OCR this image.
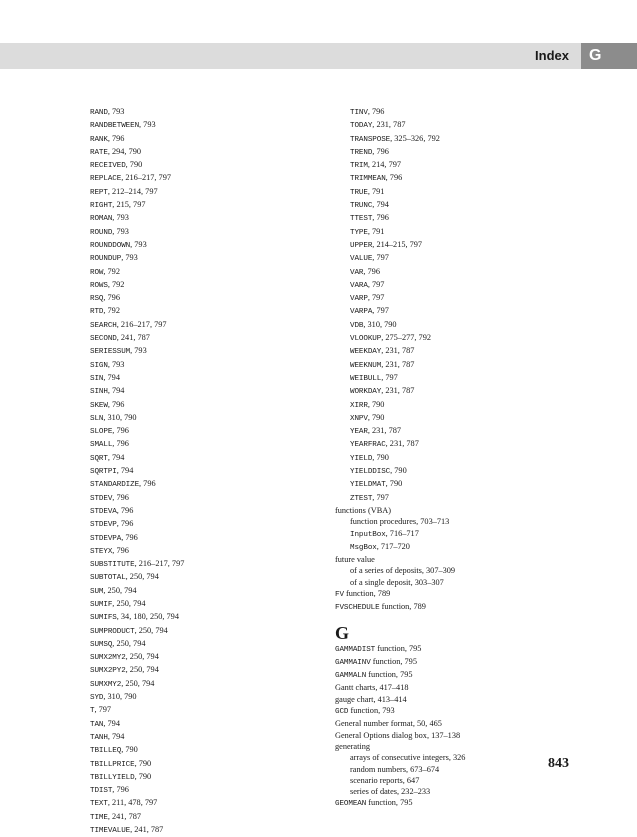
Index	G
RAND, 793
RANDBETWEEN, 793
RANK, 796
RATE, 294, 790
RECEIVED, 790
REPLACE, 216–217, 797
REPT, 212–214, 797
RIGHT, 215, 797
ROMAN, 793
ROUND, 793
ROUNDDOWN, 793
ROUNDUP, 793
ROW, 792
ROWS, 792
RSQ, 796
RTD, 792
SEARCH, 216–217, 797
SECOND, 241, 787
SERIESSUM, 793
SIGN, 793
SIN, 794
SINH, 794
SKEW, 796
SLN, 310, 790
SLOPE, 796
SMALL, 796
SQRT, 794
SQRTPI, 794
STANDARDIZE, 796
STDEV, 796
STDEVA, 796
STDEVP, 796
STDEVPA, 796
STEYX, 796
SUBSTITUTE, 216–217, 797
SUBTOTAL, 250, 794
SUM, 250, 794
SUMIF, 250, 794
SUMIFS, 34, 180, 250, 794
SUMPRODUCT, 250, 794
SUMSQ, 250, 794
SUMX2MY2, 250, 794
SUMX2PY2, 250, 794
SUMXMY2, 250, 794
SYD, 310, 790
T, 797
TAN, 794
TANH, 794
TBILLEQ, 790
TBILLPRICE, 790
TBILLYIELD, 790
TDIST, 796
TEXT, 211, 478, 797
TIME, 241, 787
TIMEVALUE, 241, 787
TINV, 796
TODAY, 231, 787
TRANSPOSE, 325–326, 792
TREND, 796
TRIM, 214, 797
TRIMMEAN, 796
TRUE, 791
TRUNC, 794
TTEST, 796
TYPE, 791
UPPER, 214–215, 797
VALUE, 797
VAR, 796
VARA, 797
VARP, 797
VARPA, 797
VDB, 310, 790
VLOOKUP, 275–277, 792
WEEKDAY, 231, 787
WEEKNUM, 231, 787
WEIBULL, 797
WORKDAY, 231, 787
XIRR, 790
XNPV, 790
YEAR, 231, 787
YEARFRAC, 231, 787
YIELD, 790
YIELDDISC, 790
YIELDMAT, 790
ZTEST, 797
functions (VBA)
function procedures, 703–713
InputBox, 716–717
MsgBox, 717–720
future value
of a series of deposits, 307–309
of a single deposit, 303–307
FV function, 789
FVSCHEDULE function, 789
G
GAMMADIST function, 795
GAMMAINV function, 795
GAMMALN function, 795
Gantt charts, 417–418
gauge chart, 413–414
GCD function, 793
General number format, 50, 465
General Options dialog box, 137–138
generating
arrays of consecutive integers, 326
random numbers, 673–674
scenario reports, 647
series of dates, 232–233
GEOMEAN function, 795
843
